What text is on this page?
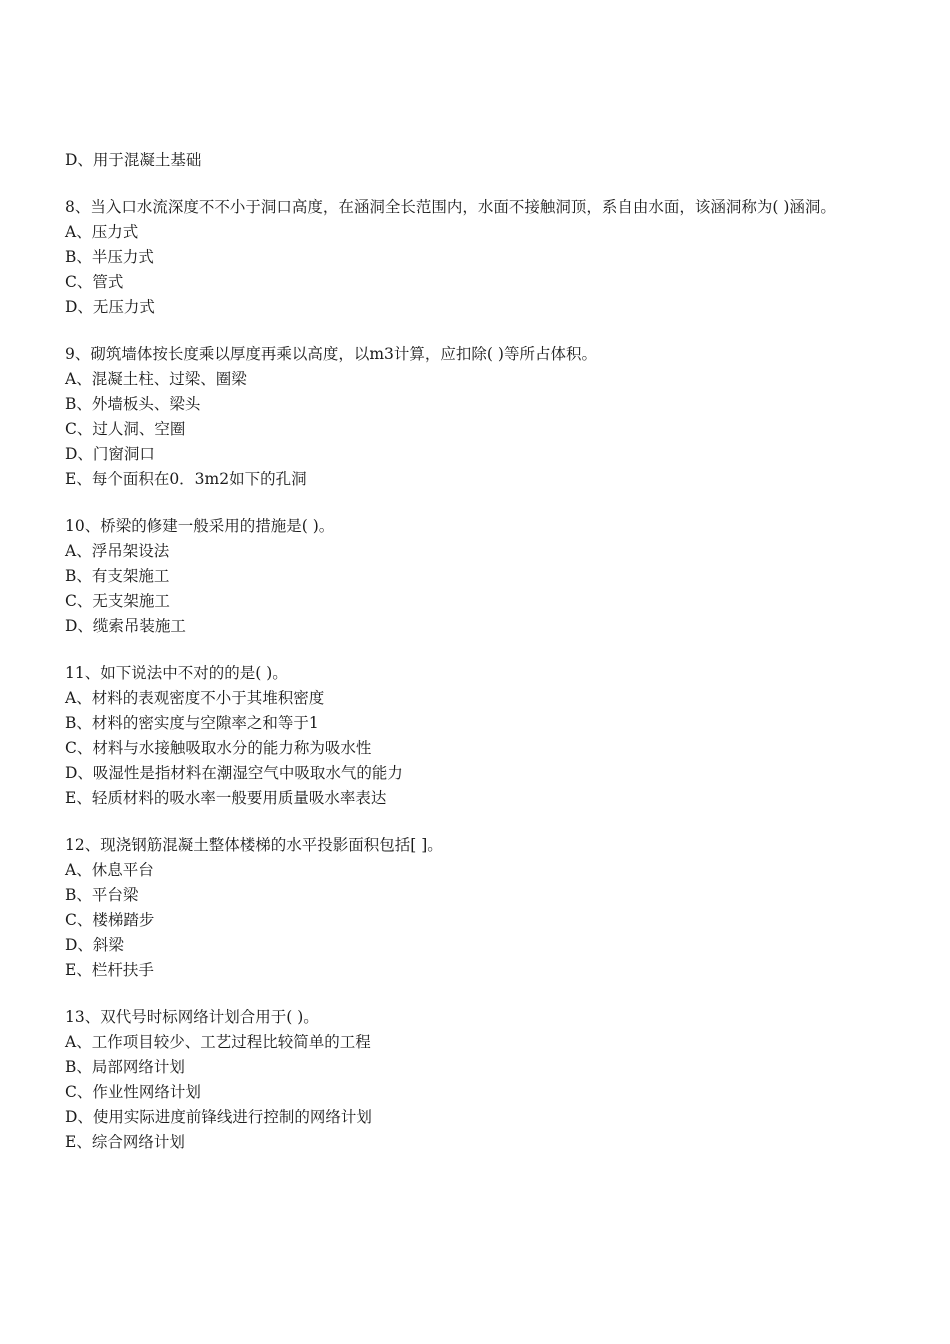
D、用于混凝土基础
8、当入口水流深度不不小于洞口高度，在涵洞全长范围内，水面不接触洞顶，系自由水面，该涵洞称为( )涵洞。
A、压力式
B、半压力式
C、管式
D、无压力式
9、砌筑墙体按长度乘以厚度再乘以高度，以m3计算，应扣除( )等所占体积。
A、混凝土柱、过梁、圈梁
B、外墙板头、梁头
C、过人洞、空圈
D、门窗洞口
E、每个面积在0．3m2如下的孔洞
10、桥梁的修建一般采用的措施是( )。
A、浮吊架设法
B、有支架施工
C、无支架施工
D、缆索吊装施工
11、如下说法中不对的的是( )。
A、材料的表观密度不小于其堆积密度
B、材料的密实度与空隙率之和等于1
C、材料与水接触吸取水分的能力称为吸水性
D、吸湿性是指材料在潮湿空气中吸取水气的能力
E、轻质材料的吸水率一般要用质量吸水率表达
12、现浇钢筋混凝土整体楼梯的水平投影面积包括[ ]。
A、休息平台
B、平台梁
C、楼梯踏步
D、斜梁
E、栏杆扶手
13、双代号时标网络计划合用于( )。
A、工作项目较少、工艺过程比较简单的工程
B、局部网络计划
C、作业性网络计划
D、使用实际进度前锋线进行控制的网络计划
E、综合网络计划
